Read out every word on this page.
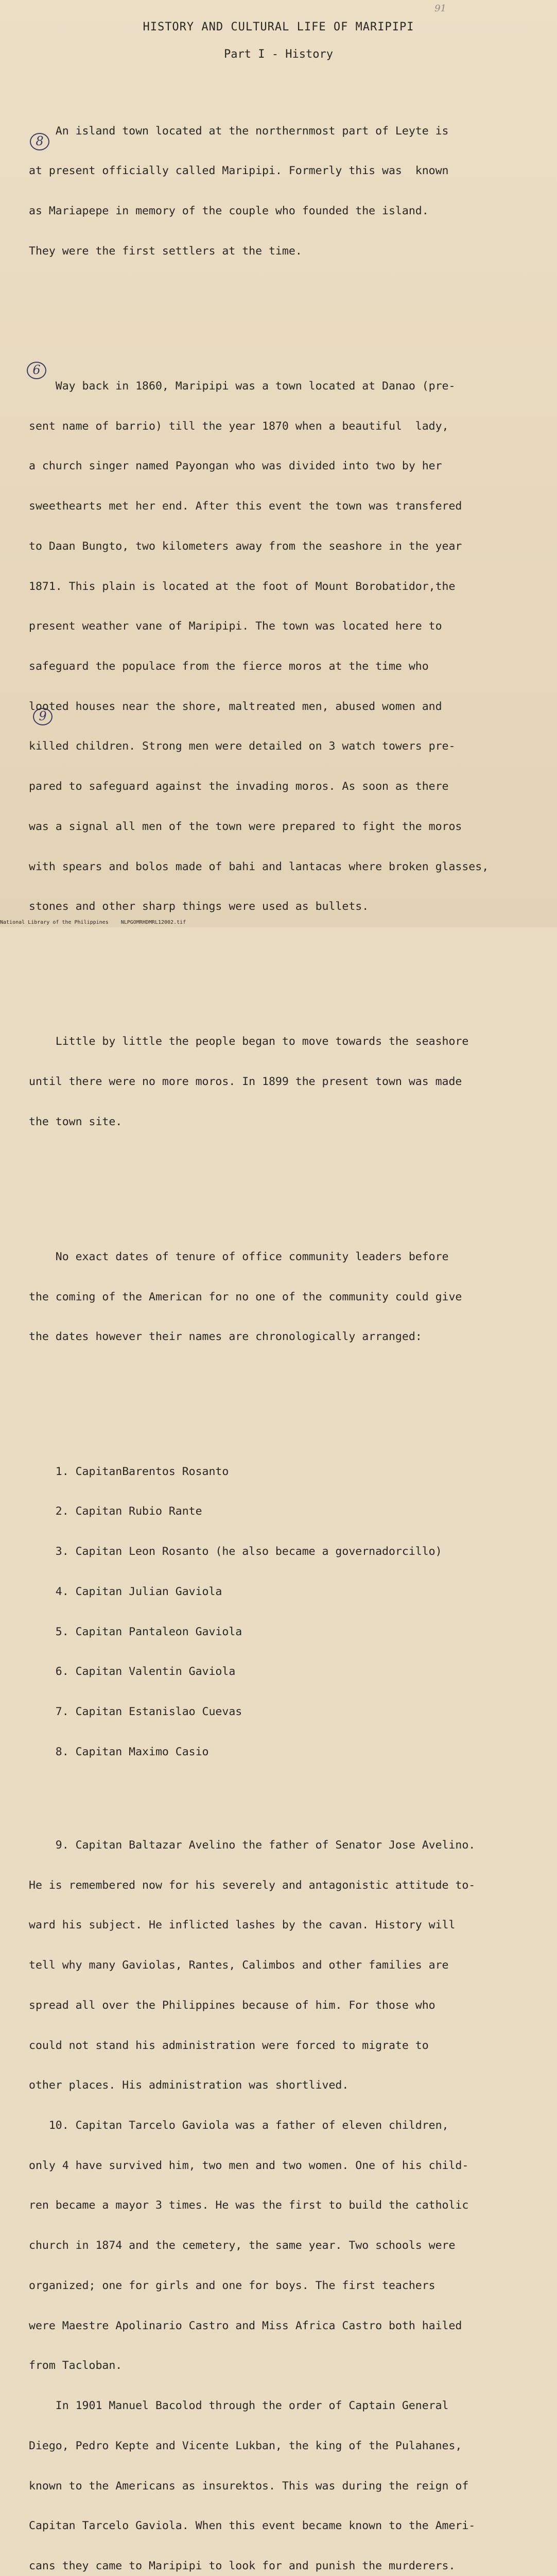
91
HISTORY AND CULTURAL LIFE OF MARIPIPI
Part I - History
8
6
9

An island town located at the northernmost part of Leyte is

at present officially called Maripipi. Formerly this was  known

as Mariapepe in memory of the couple who founded the island.

They were the first settlers at the time.

Way back in 1860, Maripipi was a town located at Danao (pre-

sent name of barrio) till the year 1870 when a beautiful  lady,

a church singer named Payongan who was divided into two by her

sweethearts met her end. After this event the town was transfered

to Daan Bungto, two kilometers away from the seashore in the year

1871. This plain is located at the foot of Mount Borobatidor,the

present weather vane of Maripipi. The town was located here to

safeguard the populace from the fierce moros at the time who

looted houses near the shore, maltreated men, abused women and

killed children. Strong men were detailed on 3 watch towers pre-

pared to safeguard against the invading moros. As soon as there

was a signal all men of the town were prepared to fight the moros

with spears and bolos made of bahi and lantacas where broken glasses,

stones and other sharp things were used as bullets.

Little by little the people began to move towards the seashore

until there were no more moros. In 1899 the present town was made

the town site.

No exact dates of tenure of office community leaders before

the coming of the American for no one of the community could give

the dates however their names are chronologically arranged:

1. CapitanBarentos Rosanto

2. Capitan Rubio Rante

3. Capitan Leon Rosanto (he also became a governadorcillo)

4. Capitan Julian Gaviola

5. Capitan Pantaleon Gaviola

6. Capitan Valentin Gaviola

7. Capitan Estanislao Cuevas

8. Capitan Maximo Casio

9. Capitan Baltazar Avelino the father of Senator Jose Avelino.

He is remembered now for his severely and antagonistic attitude to-

ward his subject. He inflicted lashes by the cavan. History will

tell why many Gaviolas, Rantes, Calimbos and other families are

spread all over the Philippines because of him. For those who

could not stand his administration were forced to migrate to

other places. His administration was shortlived.

10. Capitan Tarcelo Gaviola was a father of eleven children,

only 4 have survived him, two men and two women. One of his child-

ren became a mayor 3 times. He was the first to build the catholic

church in 1874 and the cemetery, the same year. Two schools were

organized; one for girls and one for boys. The first teachers

were Maestre Apolinario Castro and Miss Africa Castro both hailed

from Tacloban.

In 1901 Manuel Bacolod through the order of Captain General

Diego, Pedro Kepte and Vicente Lukban, the king of the Pulahanes,

known to the Americans as insurektos. This was during the reign of

Capitan Tarcelo Gaviola. When this event became known to the Ameri-

cans they came to Maripipi to look for and punish the murderers.

National Library of the Philippines NLPGOMRHDMRL12002.tif
